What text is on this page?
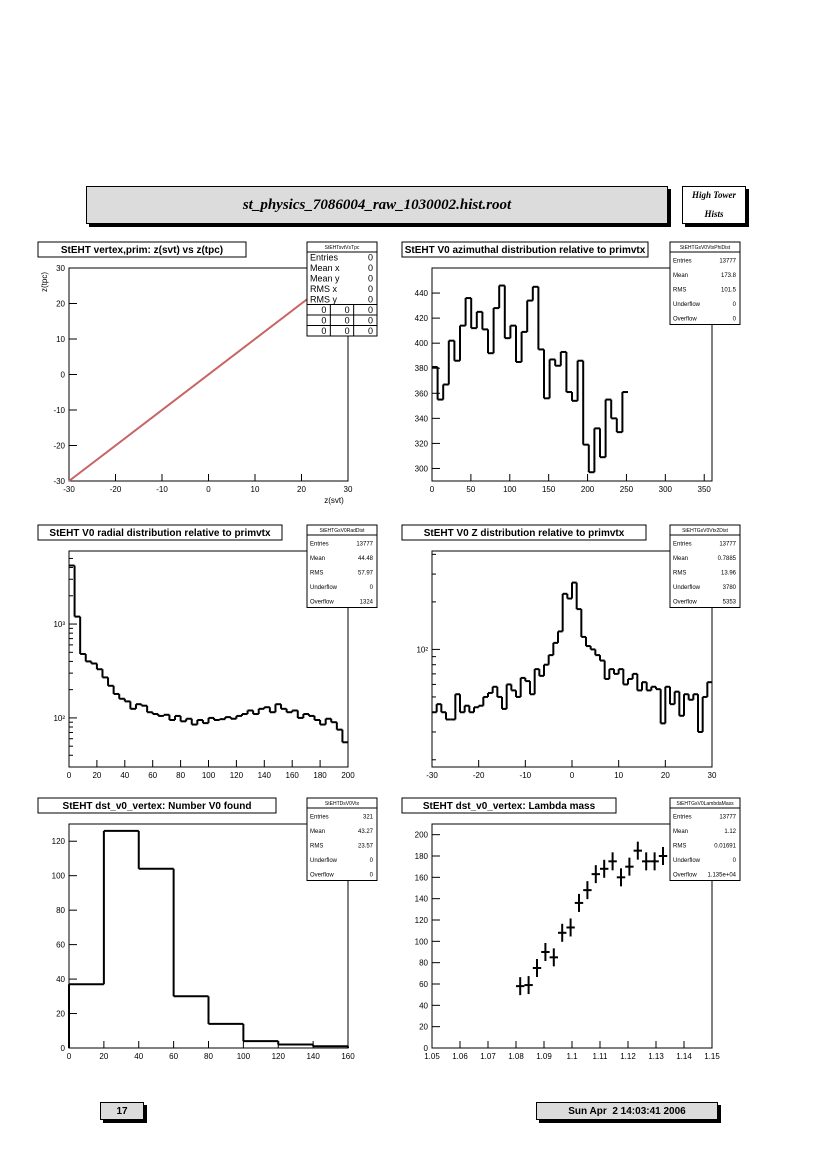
st_physics_7086004_raw_1030002.hist.root
High Tower
Hists
-30	-20	-10	0	10	20	30
-30
-20
-10
0
10
20
30
z(svt)
z(tpc)
StEHT vertex,prim: z(svt) vs z(tpc)	StEHTsvtVsTpc
Entries	0
Mean x	0
Mean y	0
RMS x	0
RMS y	0
0 0 0
0 0 0
0 0 0
0	50	100	150	200	250	300	350
300
320
340
360
380
400
420
440
StEHT V0 azimuthal distribution relative to primvtx	StEHTGsV0VtxPhiDist
Entries	13777
Mean	173.8
RMS	101.5
Underflow	0
Overflow	0
0	20 40 60 80 100 120 140 160 180 200
10²
10³
StEHT V0 radial distribution relative to primvtx	StEHTGsV0RadDist
Entries	13777
Mean	44.48
RMS	57.97
Underflow	0
Overflow	1324
-30	-20	-10	0	10	20	30
10²
StEHT V0 Z distribution relative to primvtx	StEHTGsV0Vtx2Dist
Entries	13777
Mean	0.7885
RMS	13.96
Underflow	3780
Overflow	5353
0	20	40	60	80	100	120	140	160
0
20
40
60
80
100
120
StEHT dst_v0_vertex: Number V0 found	StEHTDsV0Vtx
Entries	321
Mean	43.27
RMS	23.57
Underflow	0
Overflow	0
1.05 1.06 1.07 1.08 1.09 1.1 1.11 1.12 1.13 1.14 1.15
0
20
40
60
80
100
120
140
160
180
200
StEHT dst_v0_vertex: Lambda mass	StEHTGsV0LambdaMass
Entries	13777
Mean	1.12
RMS	0.01691
Underflow	0
Overflow 1.135e+04
17	Sun Apr  2 14:03:41 2006
